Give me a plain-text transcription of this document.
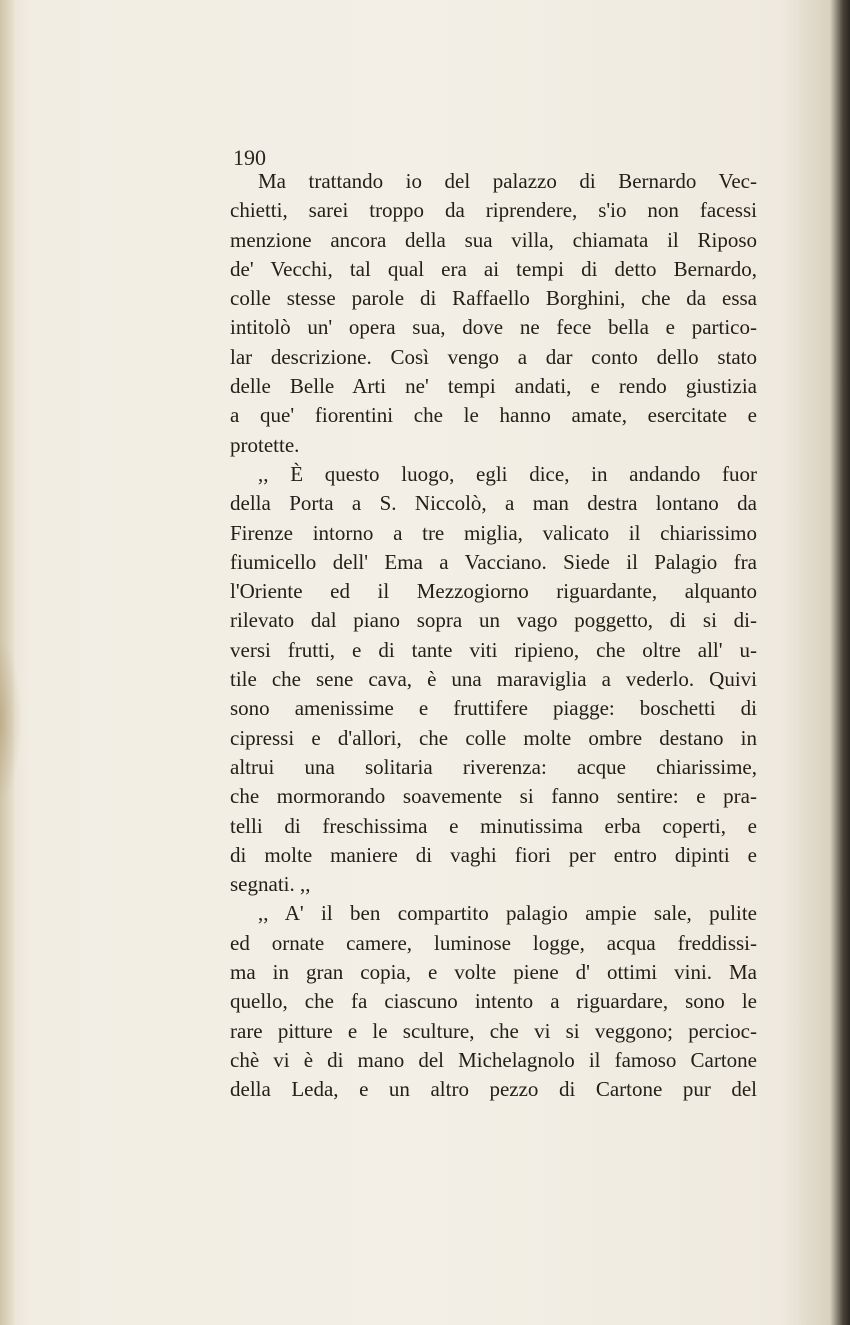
190
Ma trattando io del palazzo di Bernardo Vec-
chietti, sarei troppo da riprendere, s'io non facessi
menzione ancora della sua villa, chiamata il Riposo
de' Vecchi, tal qual era ai tempi di detto Bernardo,
colle stesse parole di Raffaello Borghini, che da essa
intitolò un' opera sua, dove ne fece bella e partico-
lar descrizione. Così vengo a dar conto dello stato
delle Belle Arti ne' tempi andati, e rendo giustizia
a que' fiorentini che le hanno amate, esercitate e
protette.
,, È questo luogo, egli dice, in andando fuor
della Porta a S. Niccolò, a man destra lontano da
Firenze intorno a tre miglia, valicato il chiarissimo
fiumicello dell' Ema a Vacciano. Siede il Palagio fra
l'Oriente ed il Mezzogiorno riguardante, alquanto
rilevato dal piano sopra un vago poggetto, di si di-
versi frutti, e di tante viti ripieno, che oltre all' u-
tile che sene cava, è una maraviglia a vederlo. Quivi
sono amenissime e fruttifere piagge: boschetti di
cipressi e d'allori, che colle molte ombre destano in
altrui una solitaria riverenza: acque chiarissime,
che mormorando soavemente si fanno sentire: e pra-
telli di freschissima e minutissima erba coperti, e
di molte maniere di vaghi fiori per entro dipinti e
segnati. ,,
,, A' il ben compartito palagio ampie sale, pulite
ed ornate camere, luminose logge, acqua freddissi-
ma in gran copia, e volte piene d' ottimi vini. Ma
quello, che fa ciascuno intento a riguardare, sono le
rare pitture e le sculture, che vi si veggono; percioc-
chè vi è di mano del Michelagnolo il famoso Cartone
della Leda, e un altro pezzo di Cartone pur del
